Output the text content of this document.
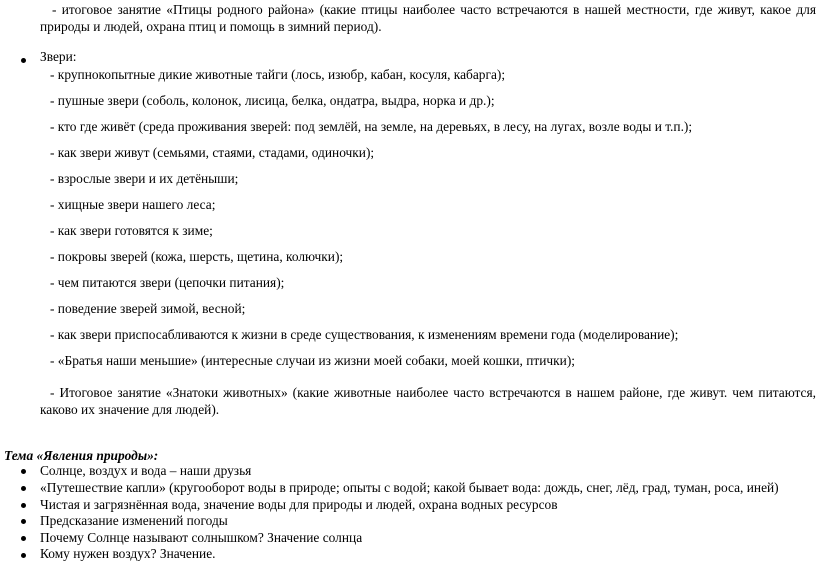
- итоговое занятие «Птицы родного района» (какие птицы наиболее часто встречаются в нашей местности, где живут, какое для природы и людей, охрана птиц и помощь в зимний период).

Звери:

- крупнокопытные дикие животные тайги (лось, изюбр, кабан, косуля, кабарга);

- пушные звери (соболь, колонок, лисица, белка, ондатра, выдра, норка и др.);

- кто где живёт (среда проживания зверей: под землёй, на земле, на деревьях, в лесу, на лугах, возле воды и т.п.);

- как звери живут (семьями, стаями, стадами, одиночки);

- взрослые звери и их детёныши;

- хищные звери нашего леса;

- как звери готовятся к зиме;

- покровы зверей (кожа, шерсть, щетина, колючки);

- чем питаются звери (цепочки питания);

- поведение зверей зимой, весной;

- как звери приспосабливаются к жизни в среде существования, к изменениям времени года (моделирование);

- «Братья наши меньшие» (интересные случаи из жизни моей собаки, моей кошки, птички);

- Итоговое занятие «Знатоки животных» (какие животные наиболее часто встречаются в нашем районе, где живут. чем питаются, каково их значение для людей).

Тема «Явления природы»:

Солнце, воздух и вода – наши друзья

«Путешествие капли» (кругооборот воды в природе; опыты с водой; какой бывает вода: дождь, снег, лёд, град, туман, роса, иней)

Чистая и загрязнённая вода, значение воды для природы и людей, охрана водных ресурсов

Предсказание изменений погоды

Почему Солнце называют солнышком? Значение солнца

Кому нужен воздух? Значение.
